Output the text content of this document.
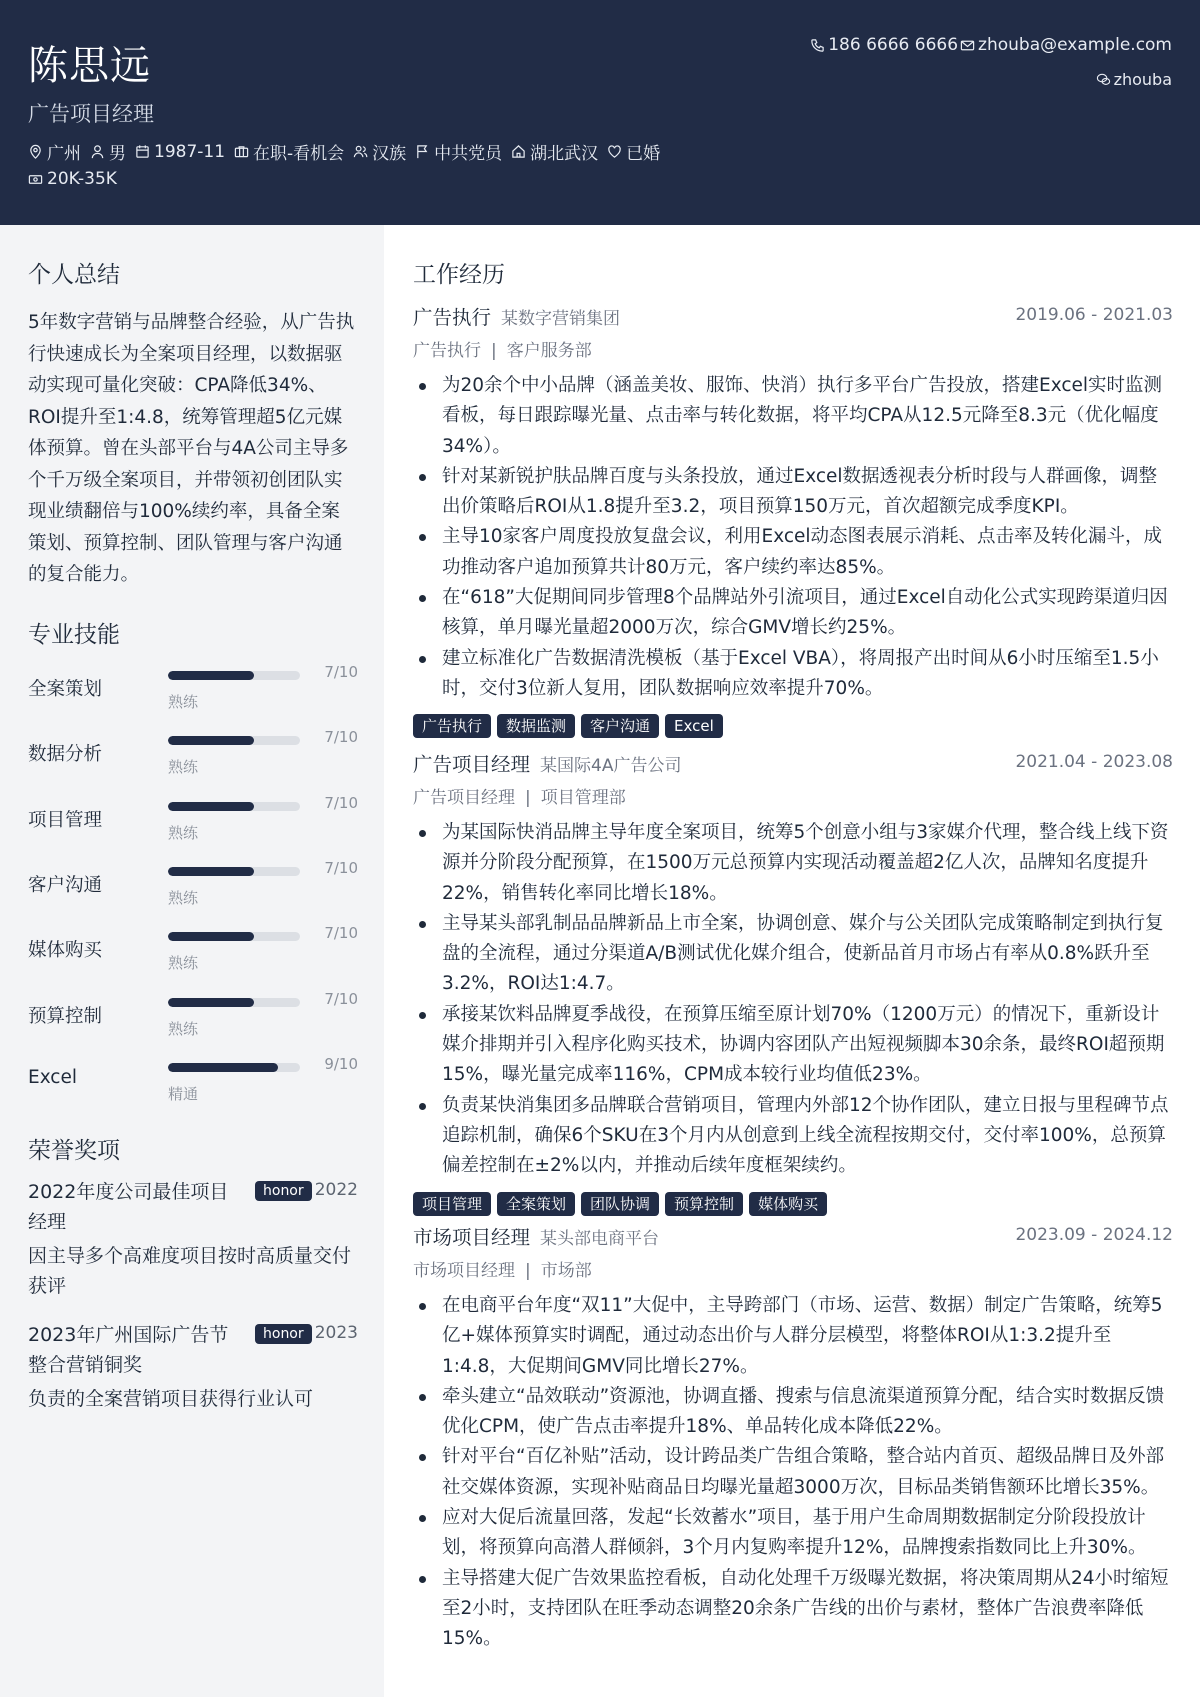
陈思远
广告项目经理
186 6666 6666 zhouba@example.com
zhouba
广州 男 1987-11 在职-看机会 汉族 中共党员 湖北武汉 已婚
20K-35K
个人总结
5年数字营销与品牌整合经验，从广告执行快速成长为全案项目经理，以数据驱动实现可量化突破：CPA降低34%、ROI提升至1:4.8，统筹管理超5亿元媒体预算。曾在头部平台与4A公司主导多个千万级全案项目，并带领初创团队实现业绩翻倍与100%续约率，具备全案策划、预算控制、团队管理与客户沟通的复合能力。
专业技能
全案策划
7/10
熟练
数据分析
7/10
熟练
项目管理
7/10
熟练
客户沟通
7/10
熟练
媒体购买
7/10
熟练
预算控制
7/10
熟练
Excel
9/10
精通
荣誉奖项
2022年度公司最佳项目经理
honor 2022
因主导多个高难度项目按时高质量交付获评
2023年广州国际广告节整合营销铜奖
honor 2023
负责的全案营销项目获得行业认可
工作经历
广告执行 某数字营销集团	2019.06 - 2021.03
广告执行 | 客户服务部
为20余个中小品牌（涵盖美妆、服饰、快消）执行多平台广告投放，搭建Excel实时监测看板，每日跟踪曝光量、点击率与转化数据，将平均CPA从12.5元降至8.3元（优化幅度34%）。
针对某新锐护肤品牌百度与头条投放，通过Excel数据透视表分析时段与人群画像，调整出价策略后ROI从1.8提升至3.2，项目预算150万元，首次超额完成季度KPI。
主导10家客户周度投放复盘会议，利用Excel动态图表展示消耗、点击率及转化漏斗，成功推动客户追加预算共计80万元，客户续约率达85%。
在“618”大促期间同步管理8个品牌站外引流项目，通过Excel自动化公式实现跨渠道归因核算，单月曝光量超2000万次，综合GMV增长约25%。
建立标准化广告数据清洗模板（基于Excel VBA），将周报产出时间从6小时压缩至1.5小时，交付3位新人复用，团队数据响应效率提升70%。
广告执行	数据监测	客户沟通	Excel
广告项目经理 某国际4A广告公司	2021.04 - 2023.08
广告项目经理 | 项目管理部
为某国际快消品牌主导年度全案项目，统筹5个创意小组与3家媒介代理，整合线上线下资源并分阶段分配预算，在1500万元总预算内实现活动覆盖超2亿人次，品牌知名度提升22%，销售转化率同比增长18%。
主导某头部乳制品品牌新品上市全案，协调创意、媒介与公关团队完成策略制定到执行复盘的全流程，通过分渠道A/B测试优化媒介组合，使新品首月市场占有率从0.8%跃升至3.2%，ROI达1:4.7。
承接某饮料品牌夏季战役，在预算压缩至原计划70%（1200万元）的情况下，重新设计媒介排期并引入程序化购买技术，协调内容团队产出短视频脚本30余条，最终ROI超预期15%，曝光量完成率116%，CPM成本较行业均值低23%。
负责某快消集团多品牌联合营销项目，管理内外部12个协作团队，建立日报与里程碑节点追踪机制，确保6个SKU在3个月内从创意到上线全流程按期交付，交付率100%，总预算偏差控制在±2%以内，并推动后续年度框架续约。
项目管理	全案策划	团队协调	预算控制	媒体购买
市场项目经理 某头部电商平台	2023.09 - 2024.12
市场项目经理 | 市场部
在电商平台年度“双11”大促中，主导跨部门（市场、运营、数据）制定广告策略，统筹5亿+媒体预算实时调配，通过动态出价与人群分层模型，将整体ROI从1:3.2提升至1:4.8，大促期间GMV同比增长27%。
牵头建立“品效联动”资源池，协调直播、搜索与信息流渠道预算分配，结合实时数据反馈优化CPM，使广告点击率提升18%、单品转化成本降低22%。
针对平台“百亿补贴”活动，设计跨品类广告组合策略，整合站内首页、超级品牌日及外部社交媒体资源，实现补贴商品日均曝光量超3000万次，目标品类销售额环比增长35%。
应对大促后流量回落，发起“长效蓄水”项目，基于用户生命周期数据制定分阶段投放计划，将预算向高潜人群倾斜，3个月内复购率提升12%，品牌搜索指数同比上升30%。
主导搭建大促广告效果监控看板，自动化处理千万级曝光数据，将决策周期从24小时缩短至2小时，支持团队在旺季动态调整20余条广告线的出价与素材，整体广告浪费率降低15%。
